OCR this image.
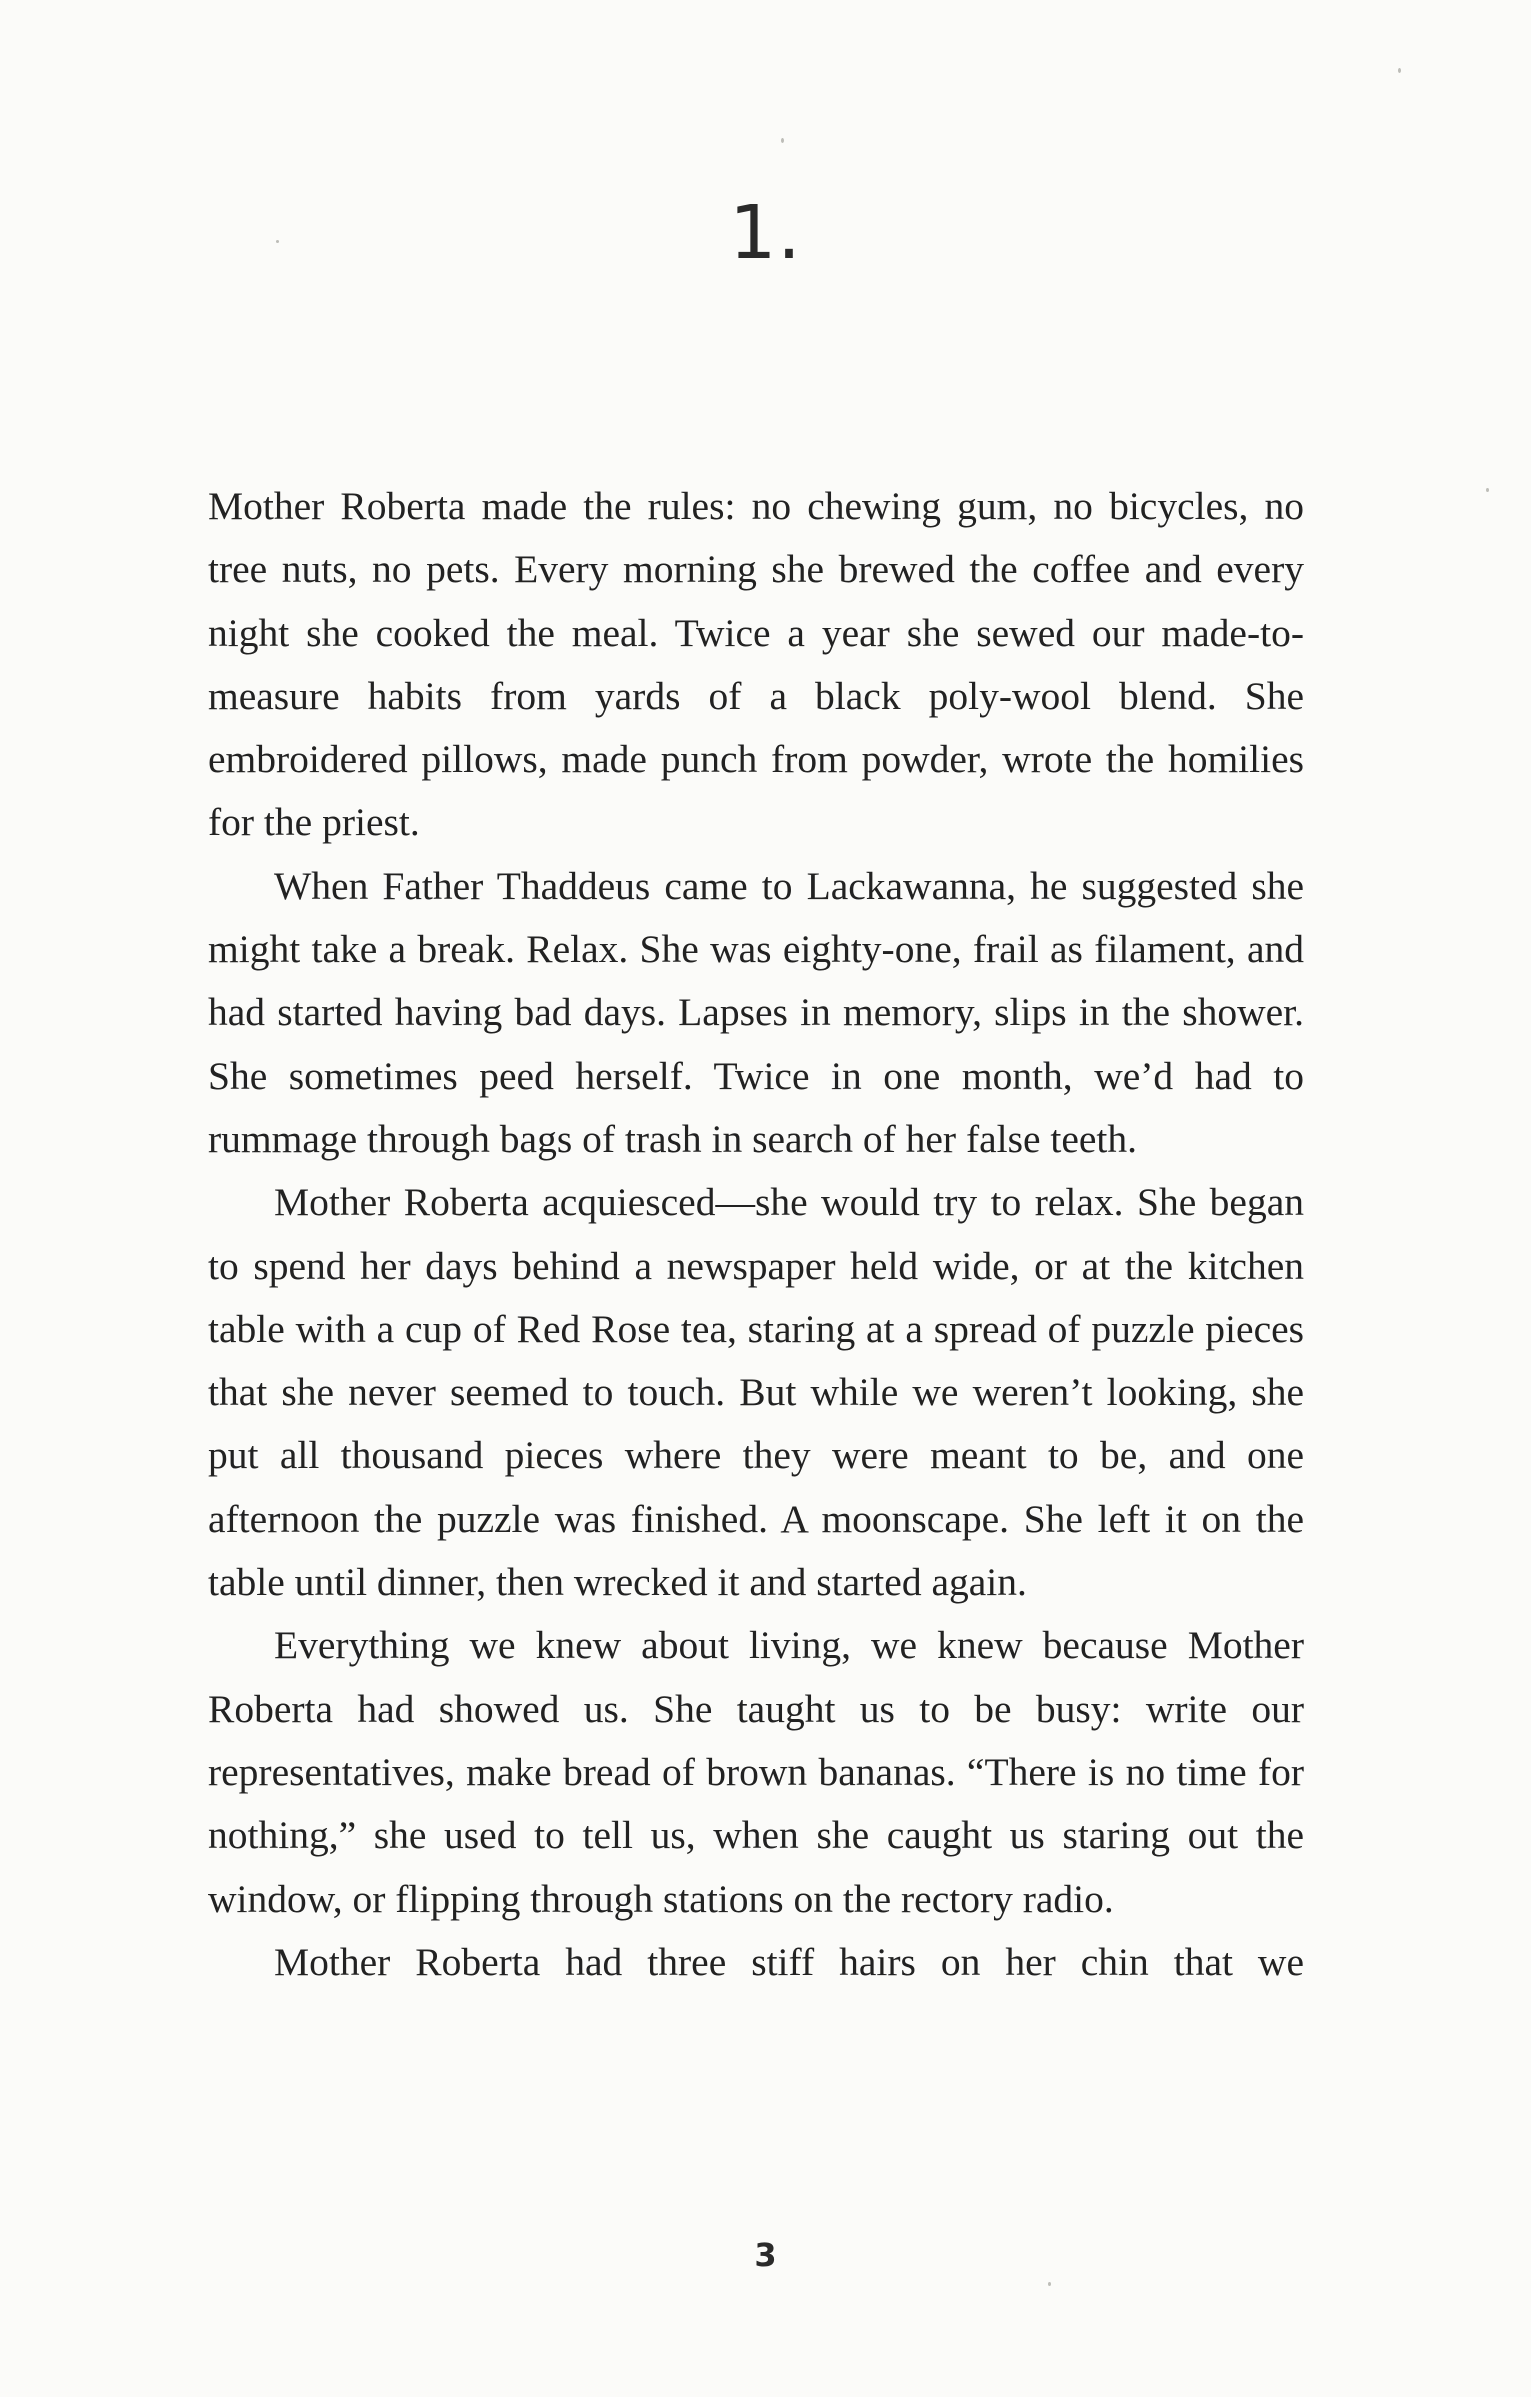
1.

Mother Roberta made the rules: no chewing gum, no bicycles, no tree nuts, no pets. Every morning she brewed the coffee and every night she cooked the meal. Twice a year she sewed our made-to-measure habits from yards of a black poly-wool blend. She embroidered pillows, made punch from powder, wrote the homilies for the priest.

When Father Thaddeus came to Lackawanna, he suggested she might take a break. Relax. She was eighty-one, frail as filament, and had started having bad days. Lapses in memory, slips in the shower. She sometimes peed herself. Twice in one month, we’d had to rummage through bags of trash in search of her false teeth.

Mother Roberta acquiesced—she would try to relax. She began to spend her days behind a newspaper held wide, or at the kitchen table with a cup of Red Rose tea, staring at a spread of puzzle pieces that she never seemed to touch. But while we weren’t looking, she put all thousand pieces where they were meant to be, and one afternoon the puzzle was finished. A moonscape. She left it on the table until dinner, then wrecked it and started again.

Everything we knew about living, we knew because Mother Roberta had showed us. She taught us to be busy: write our representatives, make bread of brown bananas. “There is no time for nothing,” she used to tell us, when she caught us staring out the window, or flipping through stations on the rectory radio.

Mother Roberta had three stiff hairs on her chin that we

3
